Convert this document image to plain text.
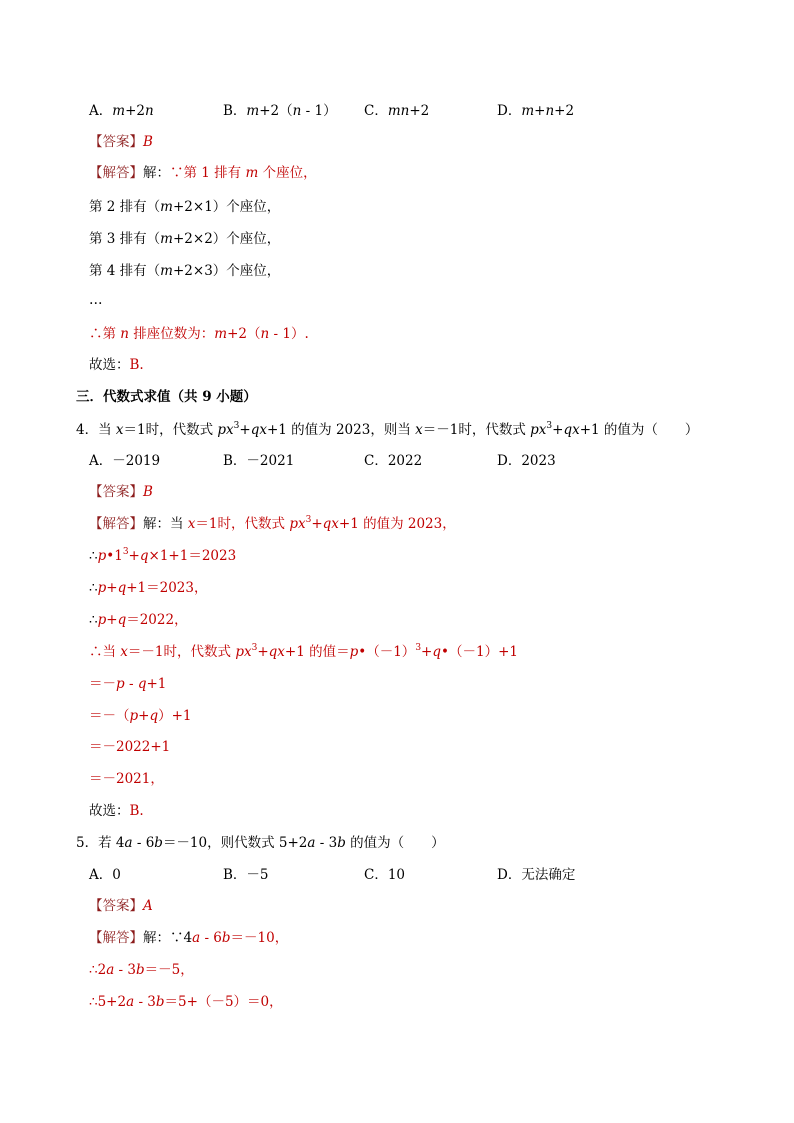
A．m+2n	B．m+2（n - 1） C．mn+2	D．m+n+2
【答案】B
【解答】解：∵第 1 排有 m 个座位，
第 2 排有（m+2×1）个座位，
第 3 排有（m+2×2）个座位，
第 4 排有（m+2×3）个座位，
…
∴第 n 排座位数为：m+2（n - 1）.
故选：B.
三．代数式求值（共 9 小题）
4．当 x＝1时，代数式 $px^3+qx+1$ 的值为 2023，则当 x＝－1时，代数式 $px^3+qx+1$ 的值为（　　）
A．－2019	B．－2021	C．2022	D．2023
【答案】B
【解答】解：当 x＝1时，代数式 $px^3+qx+1$ 的值为 2023，
$\therefore p•1^3+q\times 1+1=2023$
∴p+q+1＝2023，
∴p+q＝2022，
∴当 x＝－1时，代数式 $px^3+qx+1$ 的值$=p•(-1)^3+q•(-1)+1$
＝－p - q+1
＝－（p+q）+1
＝－2022+1
＝－2021，
故选：B.
5．若 4a - 6b＝－10，则代数式 5+2a - 3b 的值为（　　）
A．0	B．－5	C．10	D．无法确定
【答案】A
【解答】解：∵4a - 6b＝－10，
∴2a - 3b＝－5，
∴5+2a - 3b＝5+（－5）＝0，
